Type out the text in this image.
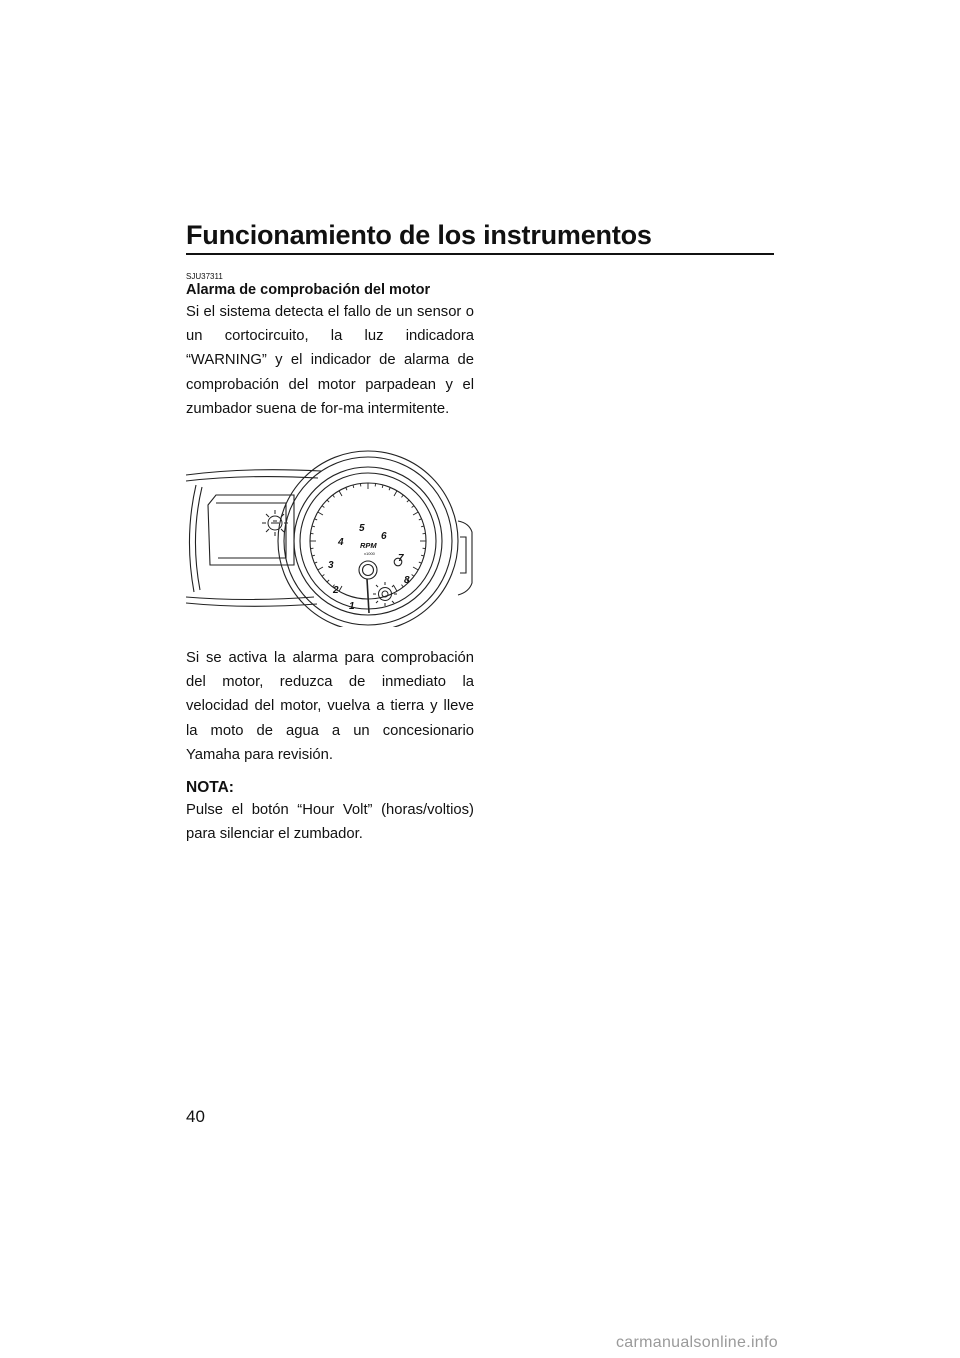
Funcionamiento de los instrumentos
SJU37311
Alarma de comprobación del motor

Si el sistema detecta el fallo de un sensor o un cortocircuito, la luz indicadora “WARNING” y el indicador de alarma de comprobación del motor parpadean y el zumbador suena de for-ma intermitente.

1
2
3
4
5
6
7
8
RPM
x1000

Si se activa la alarma para comprobación del motor, reduzca de inmediato la velocidad del motor, vuelva a tierra y lleve la moto de agua a un concesionario Yamaha para revisión.

NOTA:

Pulse el botón “Hour Volt” (horas/voltios) para silenciar el zumbador.

40
carmanualsonline.info
